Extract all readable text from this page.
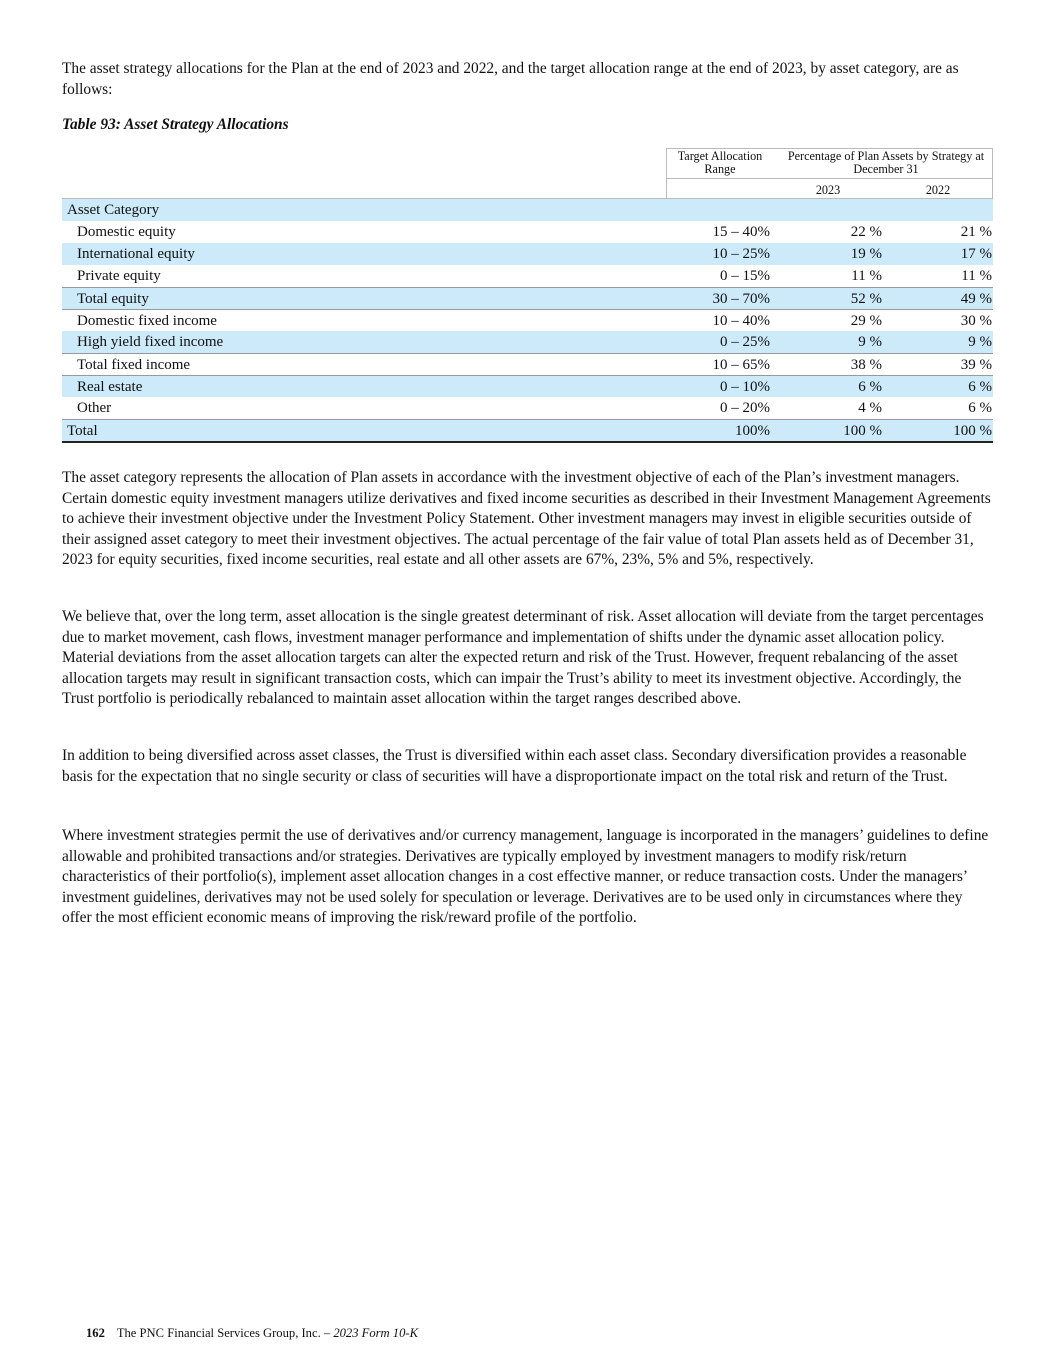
The asset strategy allocations for the Plan at the end of 2023 and 2022, and the target allocation range at the end of 2023, by asset category, are as follows:

Table 93: Asset Strategy Allocations

Target Allocation Range
Percentage of Plan Assets by Strategy at December 31
2023	2022
Asset Category
Domestic equity	15 – 40%	22 %	21 %
International equity	10 – 25%	19 %	17 %
Private equity	0 – 15%	11 %	11 %
Total equity	30 – 70%	52 %	49 %
Domestic fixed income	10 – 40%	29 %	30 %
High yield fixed income	0 – 25%	9 %	9 %
Total fixed income	10 – 65%	38 %	39 %
Real estate	0 – 10%	6 %	6 %
Other	0 – 20%	4 %	6 %
Total	100%	100 %	100 %

The asset category represents the allocation of Plan assets in accordance with the investment objective of each of the Plan’s investment managers. Certain domestic equity investment managers utilize derivatives and fixed income securities as described in their Investment Management Agreements to achieve their investment objective under the Investment Policy Statement. Other investment managers may invest in eligible securities outside of their assigned asset category to meet their investment objectives. The actual percentage of the fair value of total Plan assets held as of December 31, 2023 for equity securities, fixed income securities, real estate and all other assets are 67%, 23%, 5% and 5%, respectively.

We believe that, over the long term, asset allocation is the single greatest determinant of risk. Asset allocation will deviate from the target percentages due to market movement, cash flows, investment manager performance and implementation of shifts under the dynamic asset allocation policy. Material deviations from the asset allocation targets can alter the expected return and risk of the Trust. However, frequent rebalancing of the asset allocation targets may result in significant transaction costs, which can impair the Trust’s ability to meet its investment objective. Accordingly, the Trust portfolio is periodically rebalanced to maintain asset allocation within the target ranges described above.

In addition to being diversified across asset classes, the Trust is diversified within each asset class. Secondary diversification provides a reasonable basis for the expectation that no single security or class of securities will have a disproportionate impact on the total risk and return of the Trust.

Where investment strategies permit the use of derivatives and/or currency management, language is incorporated in the managers’ guidelines to define allowable and prohibited transactions and/or strategies. Derivatives are typically employed by investment managers to modify risk/return characteristics of their portfolio(s), implement asset allocation changes in a cost effective manner, or reduce transaction costs. Under the managers’ investment guidelines, derivatives may not be used solely for speculation or leverage. Derivatives are to be used only in circumstances where they offer the most efficient economic means of improving the risk/reward profile of the portfolio.

162 The PNC Financial Services Group, Inc. – 2023 Form 10-K
